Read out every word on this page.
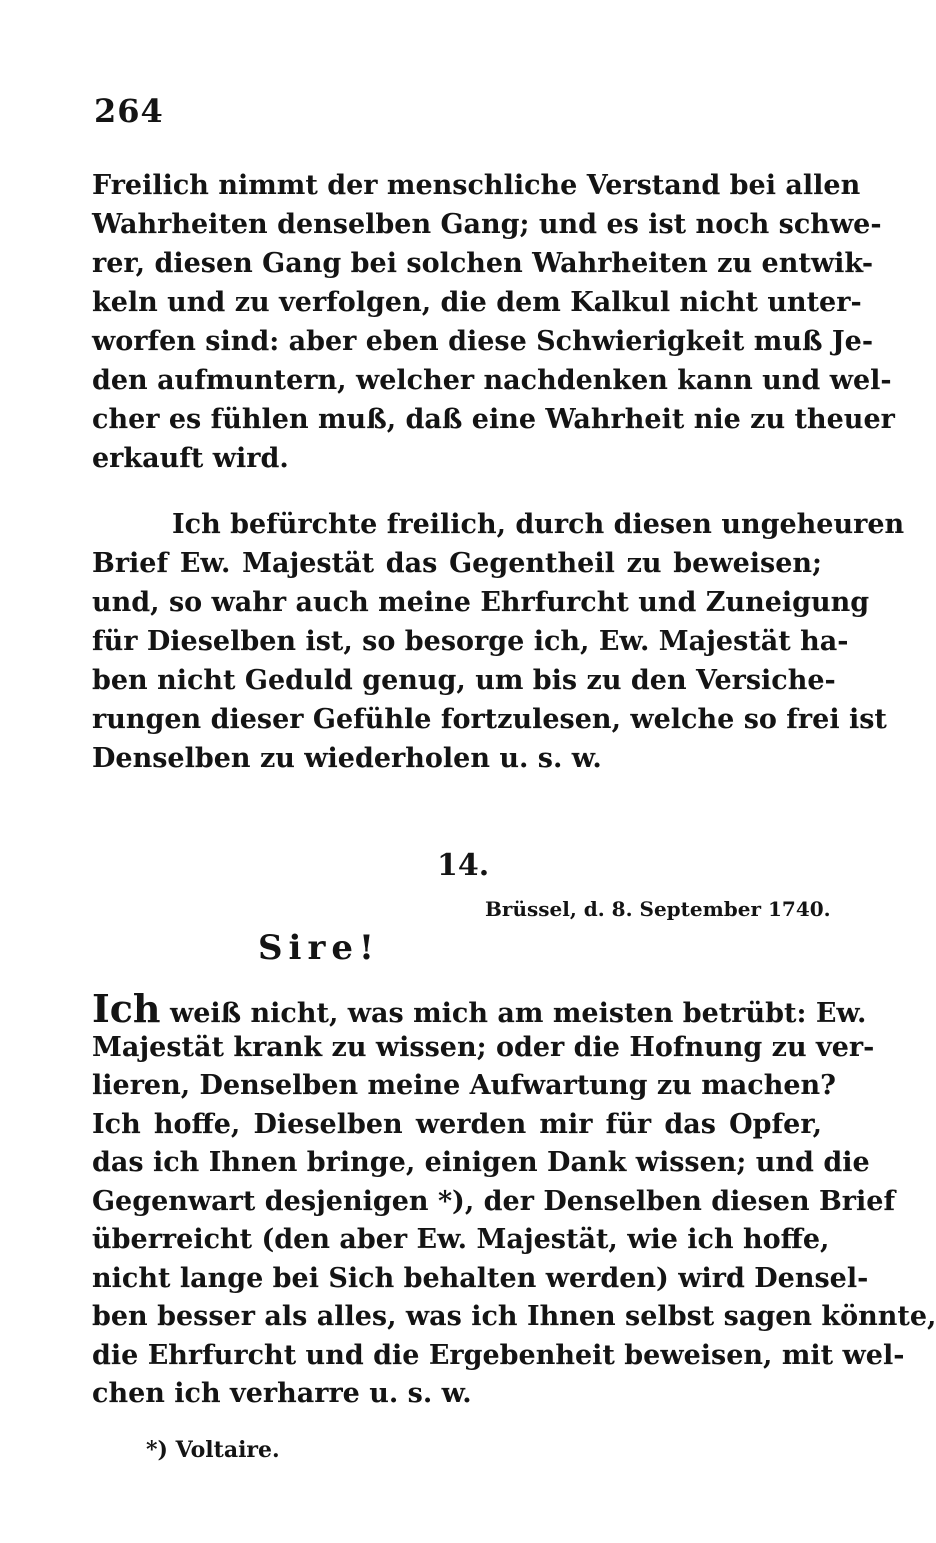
264
Freilich nimmt der menschliche Verstand bei allen
Wahrheiten denselben Gang; und es ist noch schwe-
rer, diesen Gang bei solchen Wahrheiten zu entwik-
keln und zu verfolgen, die dem Kalkul nicht unter-
worfen sind: aber eben diese Schwierigkeit muß Je-
den aufmuntern, welcher nachdenken kann und wel-
cher es fühlen muß, daß eine Wahrheit nie zu theuer
erkauft wird.
Ich befürchte freilich, durch diesen ungeheuren
Brief Ew. Majestät das Gegentheil zu beweisen;
und, so wahr auch meine Ehrfurcht und Zuneigung
für Dieselben ist, so besorge ich, Ew. Majestät ha-
ben nicht Geduld genug, um bis zu den Versiche-
rungen dieser Gefühle fortzulesen, welche so frei ist
Denselben zu wiederholen u. s. w.
14.
Brüssel, d. 8. September 1740.
Sire!
Ich weiß nicht, was mich am meisten betrübt: Ew.
Majestät krank zu wissen; oder die Hofnung zu ver-
lieren, Denselben meine Aufwartung zu machen?
Ich hoffe, Dieselben werden mir für das Opfer,
das ich Ihnen bringe, einigen Dank wissen; und die
Gegenwart desjenigen *), der Denselben diesen Brief
überreicht (den aber Ew. Majestät, wie ich hoffe,
nicht lange bei Sich behalten werden) wird Densel-
ben besser als alles, was ich Ihnen selbst sagen könnte,
die Ehrfurcht und die Ergebenheit beweisen, mit wel-
chen ich verharre u. s. w.
*) Voltaire.
